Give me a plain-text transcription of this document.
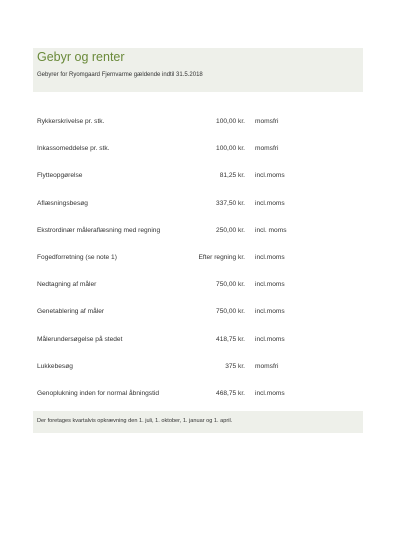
Gebyr og renter
Gebyrer for Ryomgaard Fjernvarme gældende indtil 31.5.2018
Rykkerskrivelse pr. stk.	100,00 kr. momsfri
Inkassomeddelse pr. stk.	100,00 kr. momsfri
Flytteopgørelse	81,25 kr. incl.moms
Aflæsningsbesøg	337,50 kr. incl.moms
Ekstrordinær måleraflæsning med regning	250,00 kr. incl. moms
Fogedforretning (se note 1)	Efter regning kr. incl.moms
Nedtagning af måler	750,00 kr. incl.moms
Genetablering af måler	750,00 kr. incl.moms
Målerundersøgelse på stedet	418,75 kr. incl.moms
Lukkebesøg	375 kr. momsfri
Genoplukning inden for normal åbningstid	468,75 kr. incl.moms
Der foretages kvartalvis opkrævning den 1. juli, 1. oktober, 1. januar og 1. april.
